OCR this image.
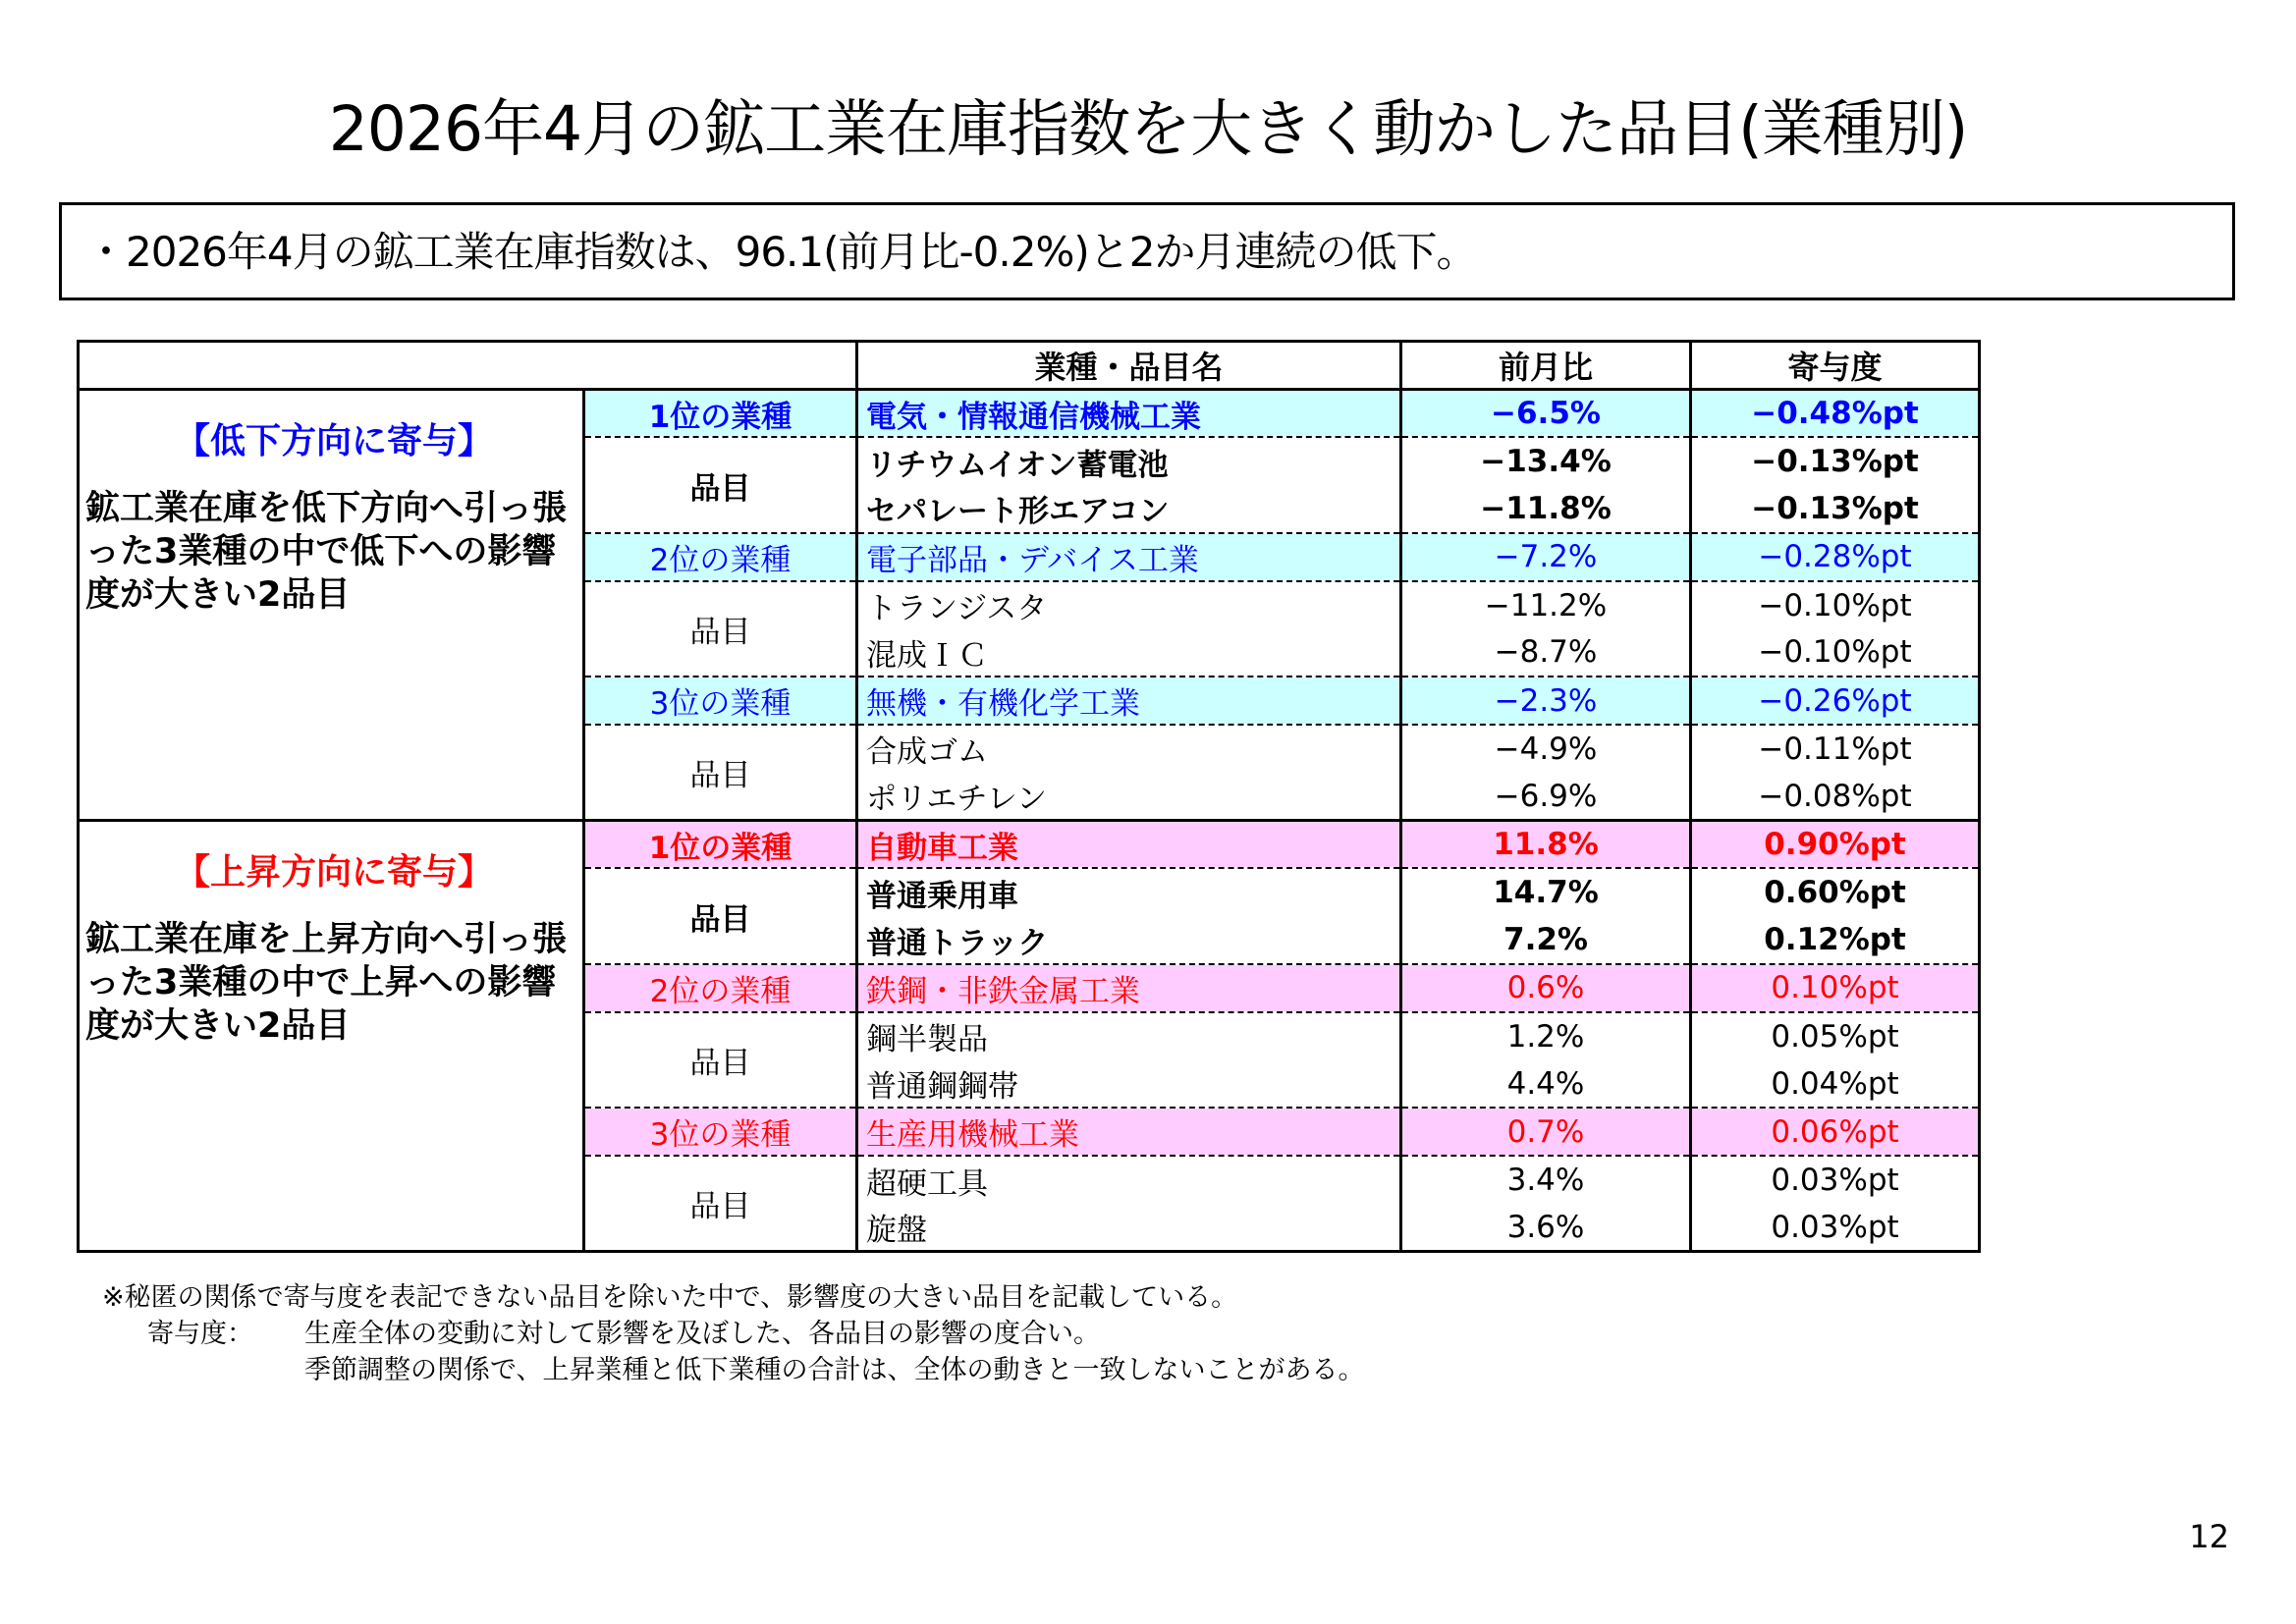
2026年4月の鉱工業在庫指数を大きく動かした品目(業種別)
・2026年4月の鉱工業在庫指数は、96.1(前月比-0.2%)と2か月連続の低下。
		業種・品目名	前月比	寄与度

【低下方向に寄与】
鉱工業在庫を低下方向へ引っ張った3業種の中で低下への影響度が大きい2品目	1位の業種	電気・情報通信機械工業	−6.5%	−0.48%pt
	品目	リチウムイオン蓄電池	−13.4%	−0.13%pt
		セパレート形エアコン	−11.8%	−0.13%pt
	2位の業種	電子部品・デバイス工業	−7.2%	−0.28%pt
	品目	トランジスタ	−11.2%	−0.10%pt
		混成ＩＣ	−8.7%	−0.10%pt
	3位の業種	無機・有機化学工業	−2.3%	−0.26%pt
	品目	合成ゴム	−4.9%	−0.11%pt
		ポリエチレン	−6.9%	−0.08%pt

【上昇方向に寄与】
鉱工業在庫を上昇方向へ引っ張った3業種の中で上昇への影響度が大きい2品目	1位の業種	自動車工業	11.8%	0.90%pt
	品目	普通乗用車	14.7%	0.60%pt
		普通トラック	7.2%	0.12%pt
	2位の業種	鉄鋼・非鉄金属工業	0.6%	0.10%pt
	品目	鋼半製品	1.2%	0.05%pt
		普通鋼鋼帯	4.4%	0.04%pt
	3位の業種	生産用機械工業	0.7%	0.06%pt
	品目	超硬工具	3.4%	0.03%pt
		旋盤	3.6%	0.03%pt
※秘匿の関係で寄与度を表記できない品目を除いた中で、影響度の大きい品目を記載している。
寄与度： 生産全体の変動に対して影響を及ぼした、各品目の影響の度合い。
季節調整の関係で、上昇業種と低下業種の合計は、全体の動きと一致しないことがある。
12
